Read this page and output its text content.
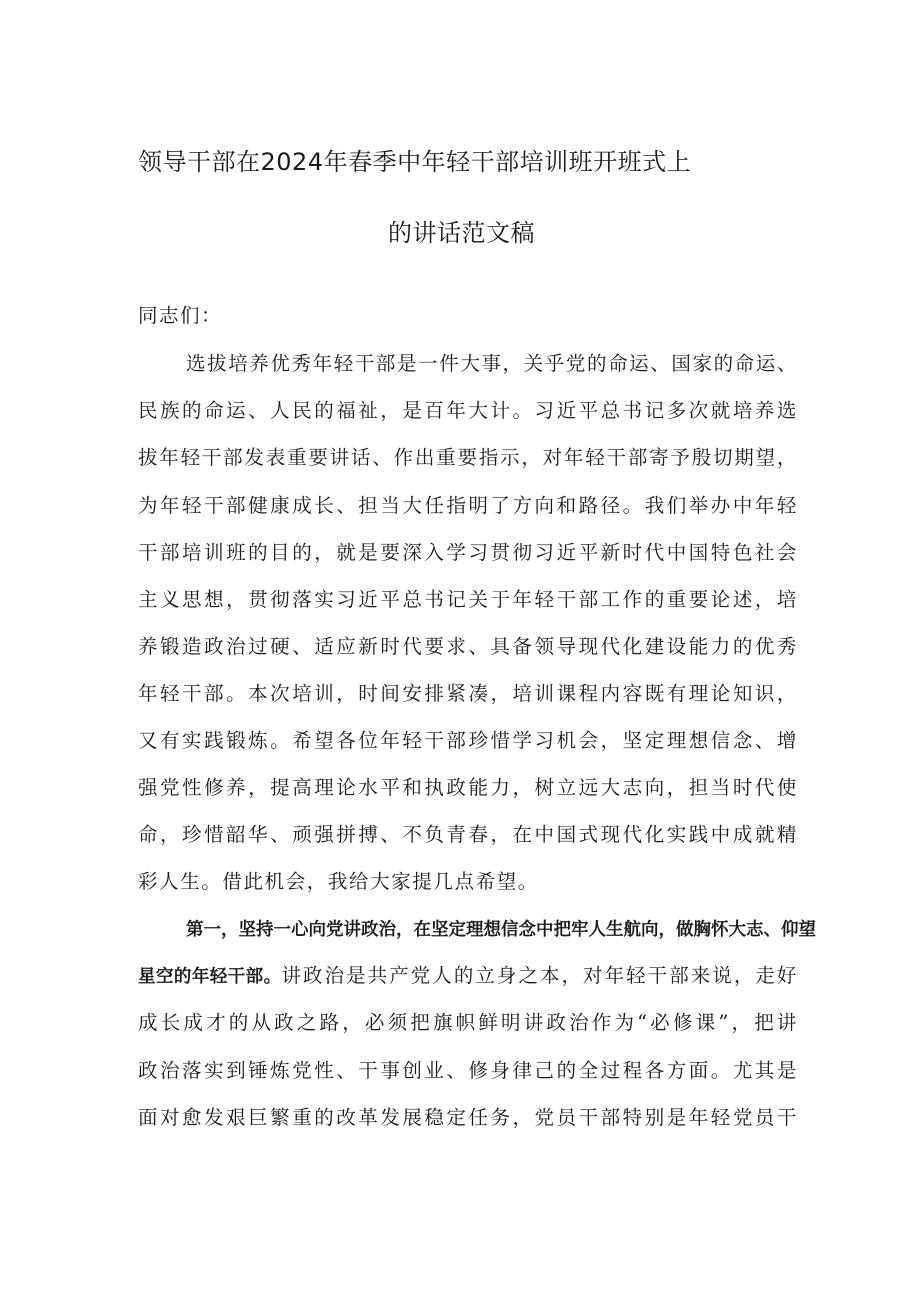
领导干部在2024年春季中年轻干部培训班开班式上
的讲话范文稿
同志们：
选拔培养优秀年轻干部是一件大事，关乎党的命运、国家的命运、
民族的命运、人民的福祉，是百年大计。习近平总书记多次就培养选
拔年轻干部发表重要讲话、作出重要指示，对年轻干部寄予殷切期望，
为年轻干部健康成长、担当大任指明了方向和路径。我们举办中年轻
干部培训班的目的，就是要深入学习贯彻习近平新时代中国特色社会
主义思想，贯彻落实习近平总书记关于年轻干部工作的重要论述，培
养锻造政治过硬、适应新时代要求、具备领导现代化建设能力的优秀
年轻干部。本次培训，时间安排紧凑，培训课程内容既有理论知识，
又有实践锻炼。希望各位年轻干部珍惜学习机会，坚定理想信念、增
强党性修养，提高理论水平和执政能力，树立远大志向，担当时代使
命，珍惜韶华、顽强拼搏、不负青春，在中国式现代化实践中成就精
彩人生。借此机会，我给大家提几点希望。
第一，坚持一心向党讲政治，在坚定理想信念中把牢人生航向，做胸怀大志、仰望
星空的年轻干部。讲政治是共产党人的立身之本，对年轻干部来说，走好
成长成才的从政之路，必须把旗帜鲜明讲政治作为“必修课”，把讲
政治落实到锤炼党性、干事创业、修身律己的全过程各方面。尤其是
面对愈发艰巨繁重的改革发展稳定任务，党员干部特别是年轻党员干
